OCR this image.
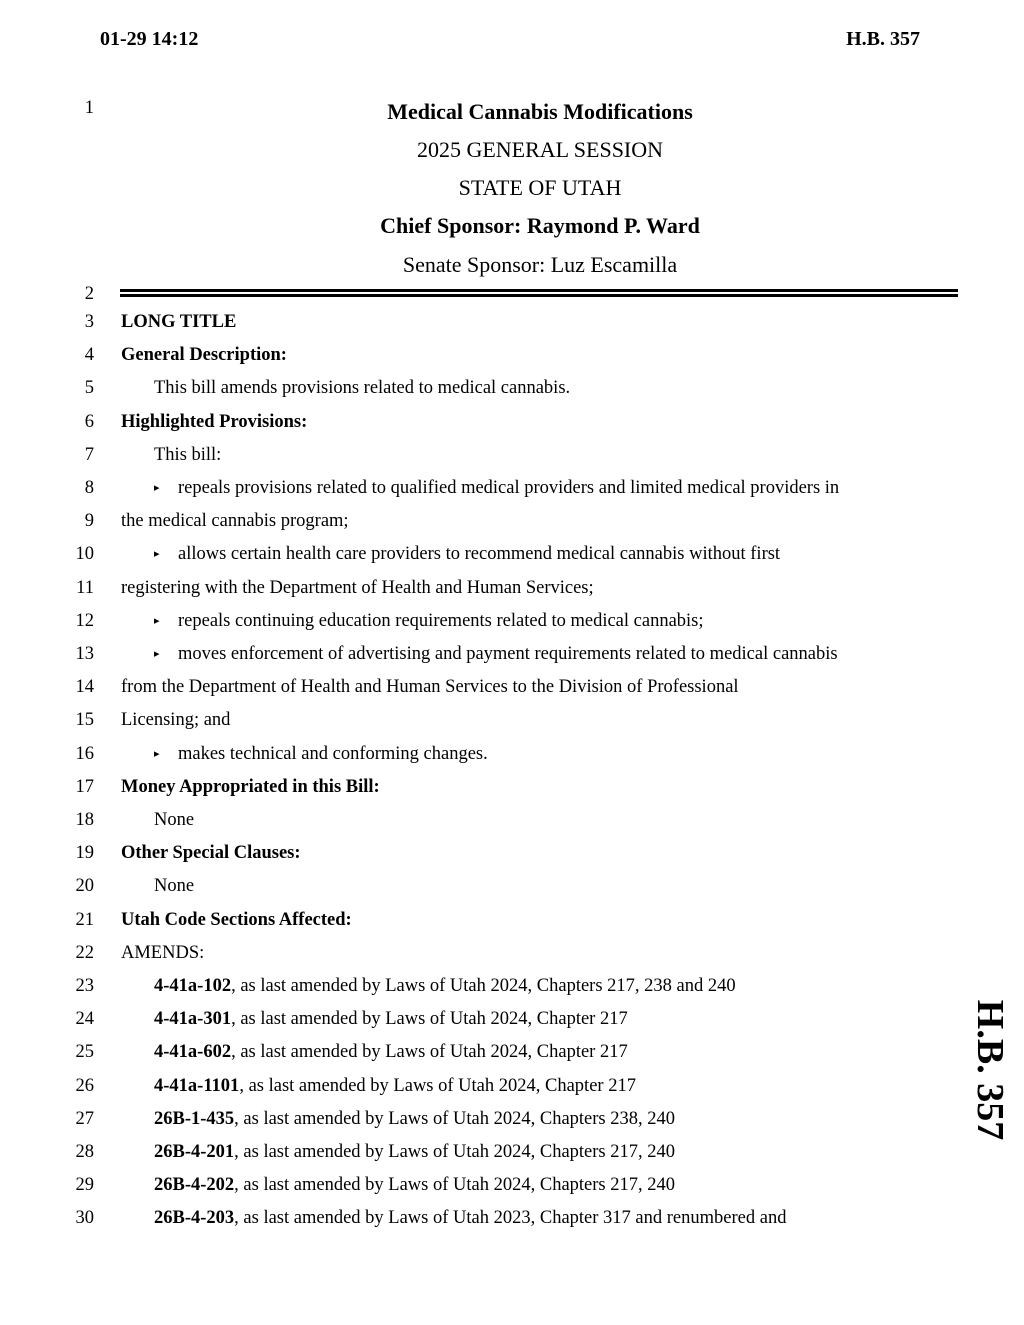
01-29 14:12	H.B. 357
1	Medical Cannabis Modifications
2025 GENERAL SESSION
STATE OF UTAH
Chief Sponsor: Raymond P. Ward
Senate Sponsor: Luz Escamilla
2
3 LONG TITLE
4 General Description:
5	This bill amends provisions related to medical cannabis.
6 Highlighted Provisions:
7	This bill:
8	▸ repeals provisions related to qualified medical providers and limited medical providers in
9 the medical cannabis program;
10	▸ allows certain health care providers to recommend medical cannabis without first
11 registering with the Department of Health and Human Services;
12	▸ repeals continuing education requirements related to medical cannabis;
13	▸ moves enforcement of advertising and payment requirements related to medical cannabis
14 from the Department of Health and Human Services to the Division of Professional
15 Licensing; and
16	▸ makes technical and conforming changes.
17 Money Appropriated in this Bill:
18	None
19 Other Special Clauses:
20	None
21 Utah Code Sections Affected:
22 AMENDS:
23	4-41a-102, as last amended by Laws of Utah 2024, Chapters 217, 238 and 240
24	4-41a-301, as last amended by Laws of Utah 2024, Chapter 217
25	4-41a-602, as last amended by Laws of Utah 2024, Chapter 217
26	4-41a-1101, as last amended by Laws of Utah 2024, Chapter 217
27	26B-1-435, as last amended by Laws of Utah 2024, Chapters 238, 240
28	26B-4-201, as last amended by Laws of Utah 2024, Chapters 217, 240
29	26B-4-202, as last amended by Laws of Utah 2024, Chapters 217, 240
30	26B-4-203, as last amended by Laws of Utah 2023, Chapter 317 and renumbered and
H.B. 357
